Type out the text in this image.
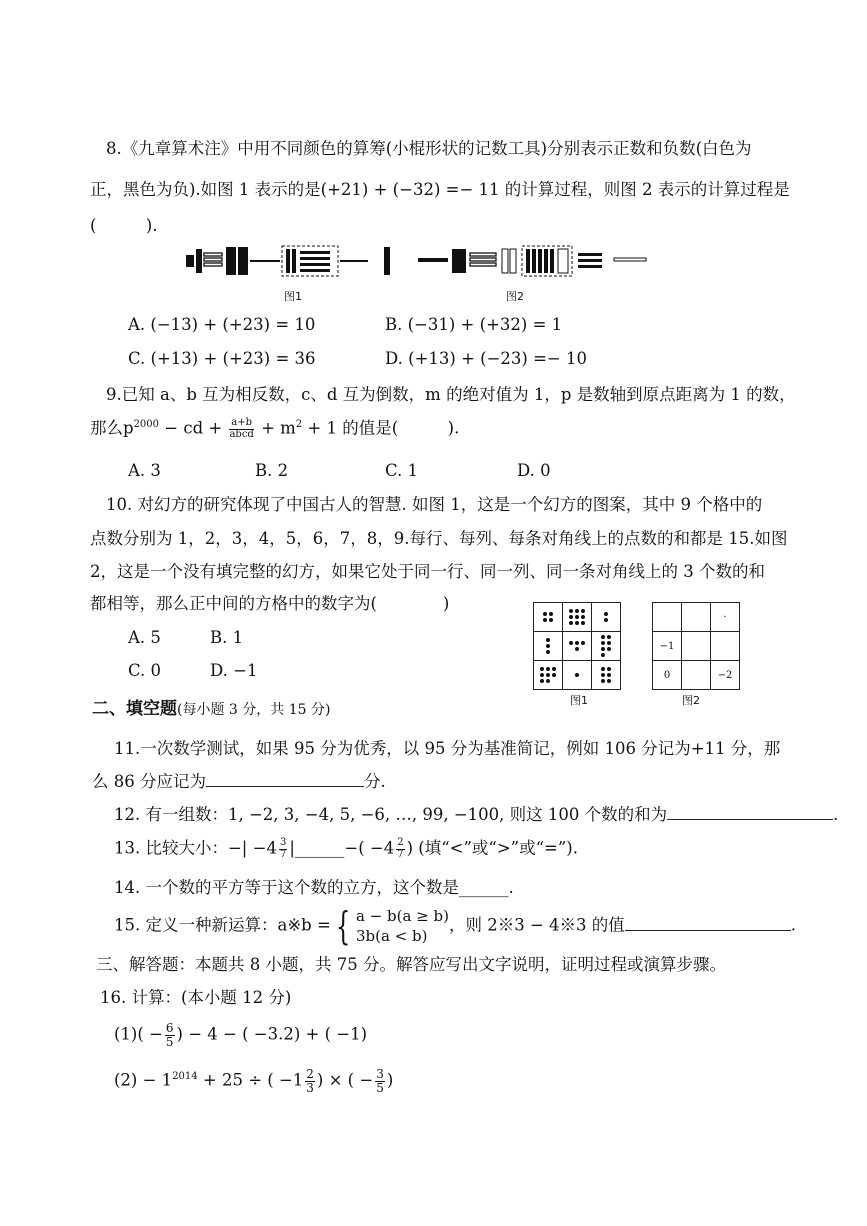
8.《九章算术注》中用不同颜色的算筹(小棍形状的记数工具)分别表示正数和负数(白色为
正，黑色为负).如图 1 表示的是(+21) + (−32) =− 11 的计算过程，则图 2 表示的计算过程是
(　　　).
图1	图2
A. (−13) + (+23) = 10	B. (−31) + (+32) = 1
C. (+13) + (+23) = 36	D. (+13) + (−23) =− 10
9.已知 a、b 互为相反数，c、d 互为倒数，m 的绝对值为 1，p 是数轴到原点距离为 1 的数，
那么$p^{2000}$ − cd + $\frac{a+b}{\text{abcd}} + m^2 + 1$ 的值是(　　　).
A. 3	B. 2	C. 1	D. 0
10. 对幻方的研究体现了中国古人的智慧. 如图 1，这是一个幻方的图案，其中 9 个格中的
点数分别为 1，2，3，4，5，6，7，8，9.每行、每列、每条对角线上的点数的和都是 15.如图
2，这是一个没有填完整的幻方，如果它处于同一行、同一列、同一条对角线上的 3 个数的和
都相等，那么正中间的方格中的数字为(　　　　)
A. 5	B. 1
C. 0	D. −1

图1
		·
−1		
0		−2
图2
二、填空题(每小题 3 分，共 15 分)
11.一次数学测试，如果 95 分为优秀，以 95 分为基准简记，例如 106 分记为+11 分，那
么 86 分应记为	分.
12. 有一组数：1, −2, 3, −4, 5, −6, …, 99, −100, 则这 100 个数的和为	.
13. 比较大小：−| $-4 \frac{3}{7}$ |______−( $-4 \frac{2}{7}$ ) (填“<”或“>”或“=”).
14. 一个数的平方等于这个数的立方，这个数是______.
15. 定义一种新运算：a※b = { a − b(a ≥ b)
3b(a < b)
，则 2※3 − 4※3 的值	.
三、解答题：本题共 8 小题，共 75 分。解答应写出文字说明，证明过程或演算步骤。
16. 计算：(本小题 12 分)
$(1)( - \frac{6}{5}$ ) − 4 − ( −3.2) + ( −1)
$(2) - 1^{2014} + 25$ ÷ ( $-1 \frac{2}{3}$ ) × ( − $\frac{3}{5}$ )
